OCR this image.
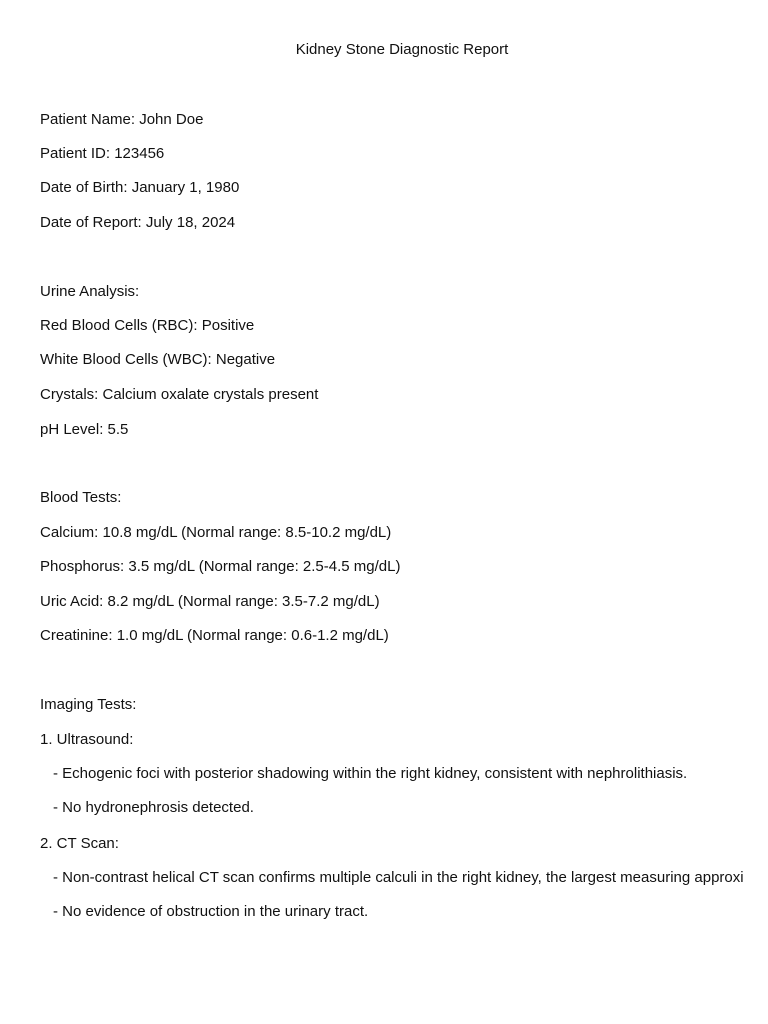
Kidney Stone Diagnostic Report
Patient Name: John Doe
Patient ID: 123456
Date of Birth: January 1, 1980
Date of Report: July 18, 2024
Urine Analysis:
Red Blood Cells (RBC): Positive
White Blood Cells (WBC): Negative
Crystals: Calcium oxalate crystals present
pH Level: 5.5
Blood Tests:
Calcium: 10.8 mg/dL (Normal range: 8.5-10.2 mg/dL)
Phosphorus: 3.5 mg/dL (Normal range: 2.5-4.5 mg/dL)
Uric Acid: 8.2 mg/dL (Normal range: 3.5-7.2 mg/dL)
Creatinine: 1.0 mg/dL (Normal range: 0.6-1.2 mg/dL)
Imaging Tests:
1. Ultrasound:
- Echogenic foci with posterior shadowing within the right kidney, consistent with nephrolithiasis.
- No hydronephrosis detected.
2. CT Scan:
- Non-contrast helical CT scan confirms multiple calculi in the right kidney, the largest measuring approxi
- No evidence of obstruction in the urinary tract.
